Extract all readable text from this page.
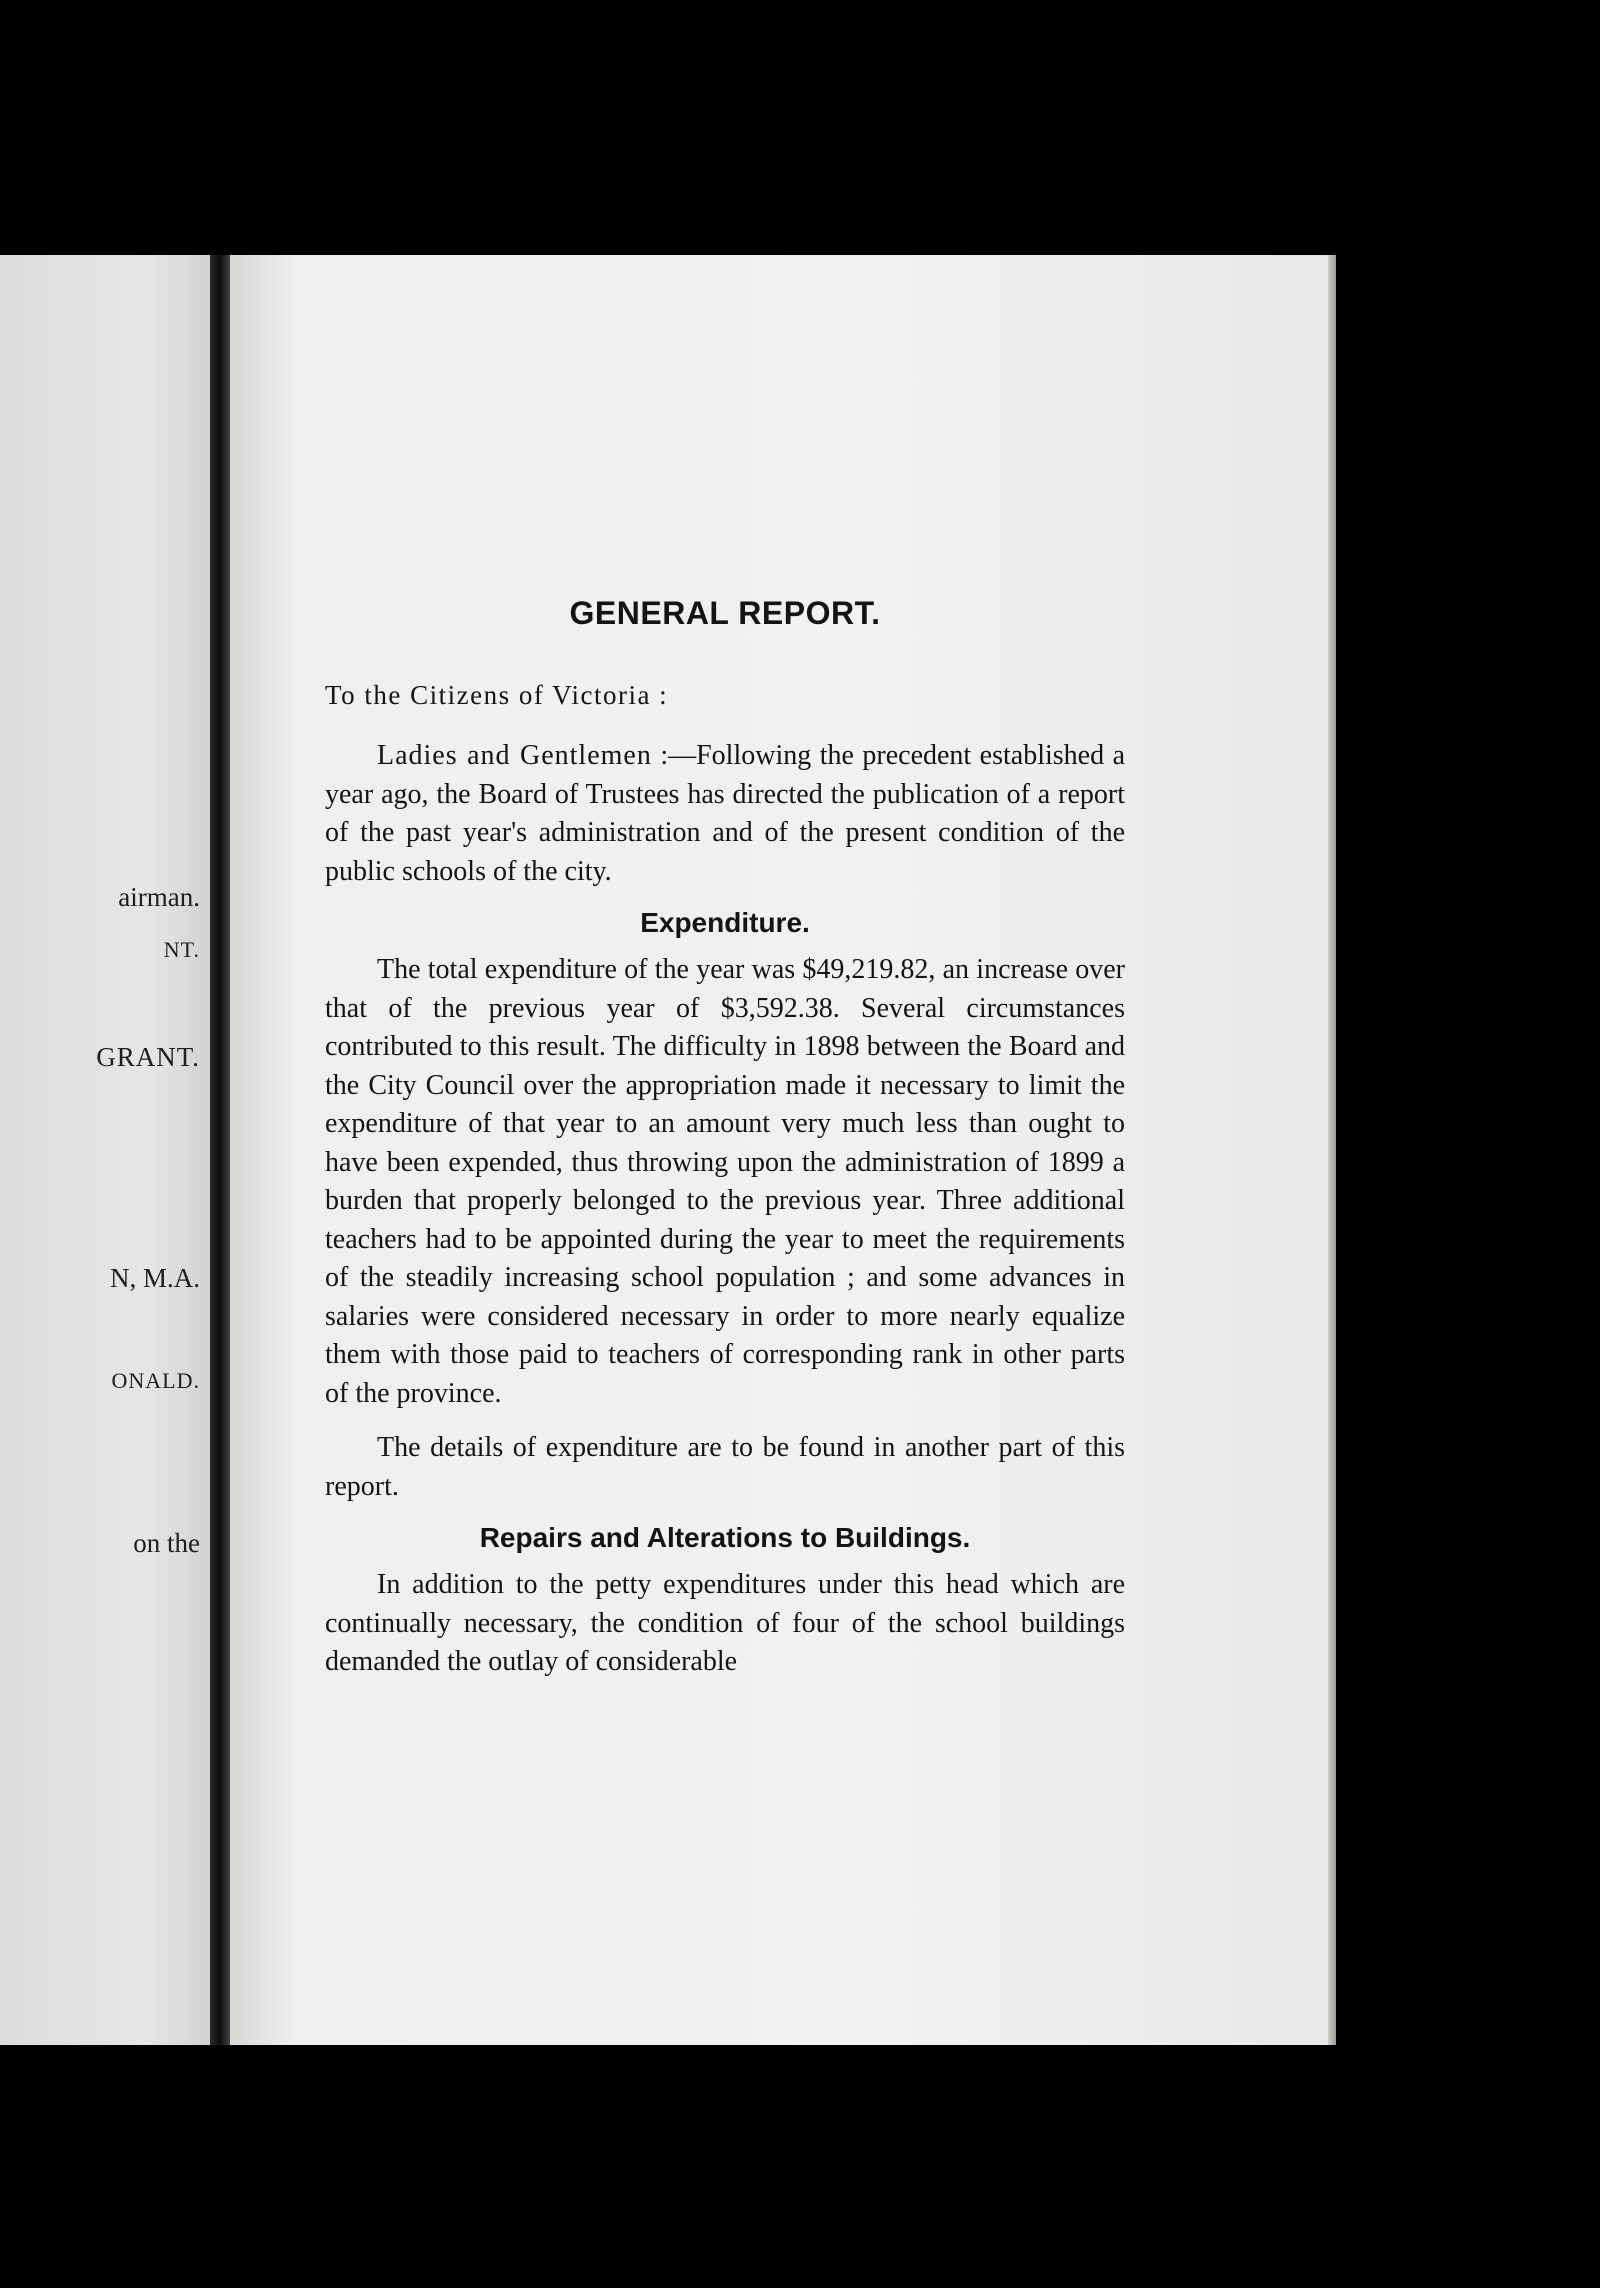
airman.
NT.
GRANT.
N, M.A.
ONALD.
on the
GENERAL REPORT.

To the Citizens of Victoria :

Ladies and Gentlemen :—Following the precedent established a year ago, the Board of Trustees has directed the publication of a report of the past year's administration and of the present condition of the public schools of the city.

Expenditure.

The total expenditure of the year was $49,219.82, an increase over that of the previous year of $3,592.38. Several circumstances contributed to this result. The difficulty in 1898 between the Board and the City Council over the appropriation made it necessary to limit the expenditure of that year to an amount very much less than ought to have been expended, thus throwing upon the administration of 1899 a burden that properly belonged to the previous year. Three additional teachers had to be appointed during the year to meet the requirements of the steadily increasing school population ; and some advances in salaries were considered necessary in order to more nearly equalize them with those paid to teachers of corresponding rank in other parts of the province.

The details of expenditure are to be found in another part of this report.

Repairs and Alterations to Buildings.

In addition to the petty expenditures under this head which are continually necessary, the condition of four of the school buildings demanded the outlay of considerable
